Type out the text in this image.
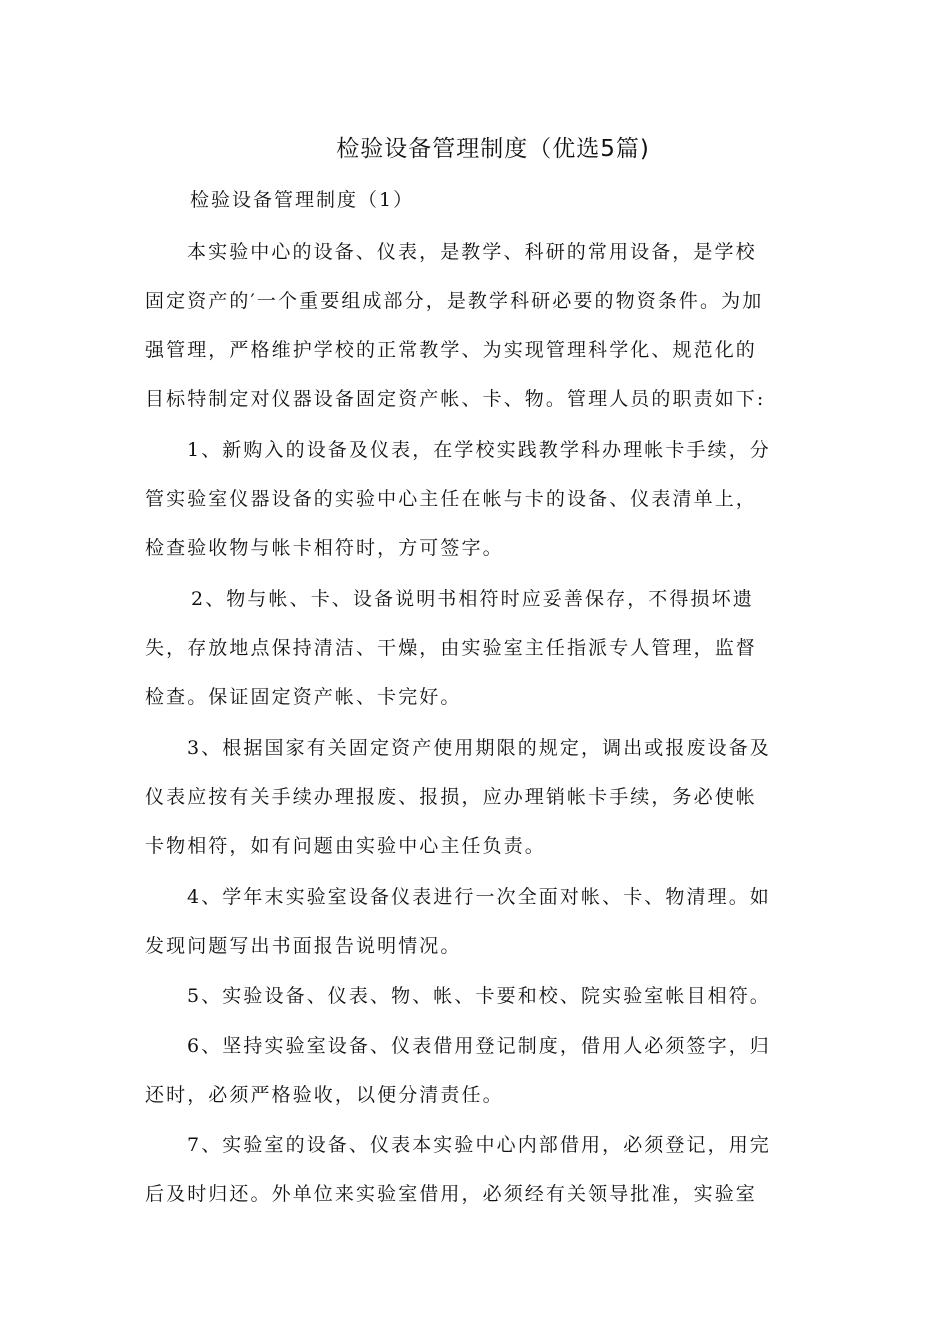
检验设备管理制度（优选5篇)
检验设备管理制度（1）
本实验中心的设备、仪表，是教学、科研的常用设备，是学校
固定资产的′一个重要组成部分，是教学科研必要的物资条件。为加
强管理，严格维护学校的正常教学、为实现管理科学化、规范化的
目标特制定对仪器设备固定资产帐、卡、物。管理人员的职责如下:
1、新购入的设备及仪表，在学校实践教学科办理帐卡手续，分
管实验室仪器设备的实验中心主任在帐与卡的设备、仪表清单上，
检查验收物与帐卡相符时，方可签字。
2、物与帐、卡、设备说明书相符时应妥善保存，不得损坏遗
失，存放地点保持清洁、干燥，由实验室主任指派专人管理，监督
检查。保证固定资产帐、卡完好。
3、根据国家有关固定资产使用期限的规定，调出或报废设备及
仪表应按有关手续办理报废、报损，应办理销帐卡手续，务必使帐
卡物相符，如有问题由实验中心主任负责。
4、学年末实验室设备仪表进行一次全面对帐、卡、物清理。如
发现问题写出书面报告说明情况。
5、实验设备、仪表、物、帐、卡要和校、院实验室帐目相符。
6、坚持实验室设备、仪表借用登记制度，借用人必须签字，归
还时，必须严格验收，以便分清责任。
7、实验室的设备、仪表本实验中心内部借用，必须登记，用完
后及时归还。外单位来实验室借用，必须经有关领导批准，实验室
